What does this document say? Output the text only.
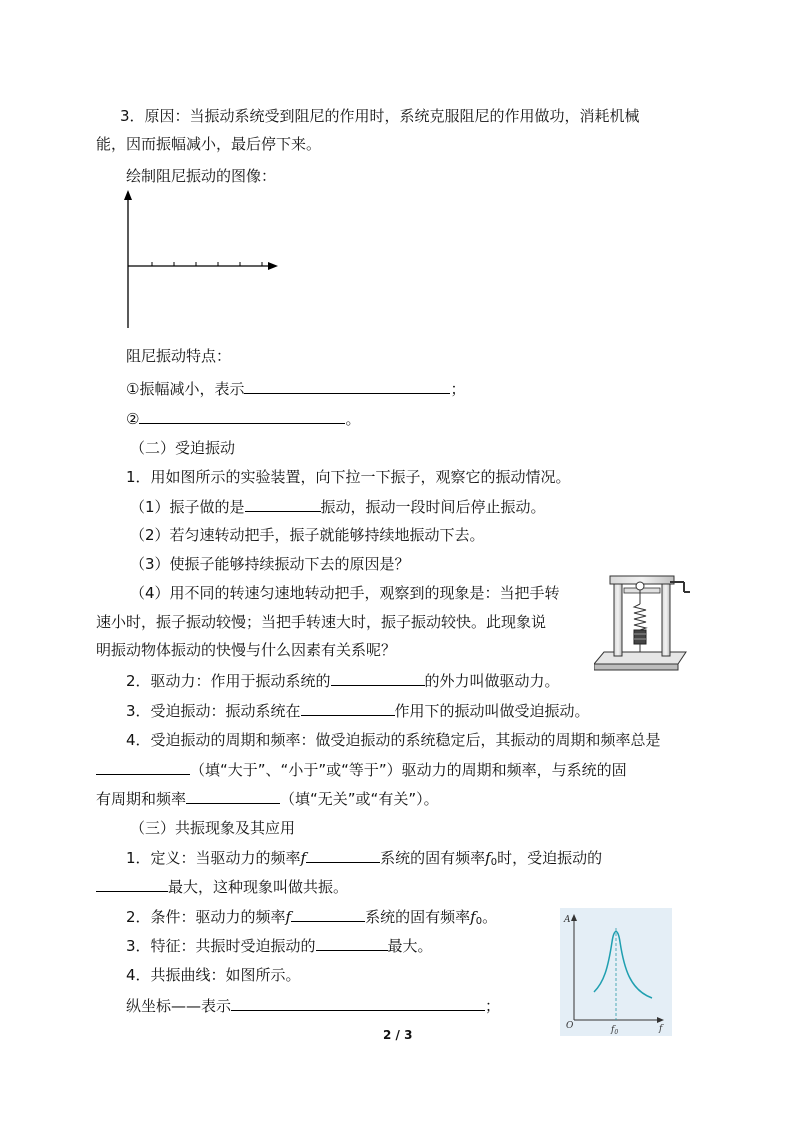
3．原因：当振动系统受到阻尼的作用时，系统克服阻尼的作用做功，消耗机械
能，因而振幅减小，最后停下来。
绘制阻尼振动的图像：
阻尼振动特点：
①振幅减小，表示	；
②	。
（二）受迫振动
1．用如图所示的实验装置，向下拉一下振子，观察它的振动情况。
（1）振子做的是	振动，振动一段时间后停止振动。
（2）若匀速转动把手，振子就能够持续地振动下去。
（3）使振子能够持续振动下去的原因是？
（4）用不同的转速匀速地转动把手，观察到的现象是：当把手转
速小时，振子振动较慢；当把手转速大时，振子振动较快。此现象说
明振动物体振动的快慢与什么因素有关系呢？
2．驱动力：作用于振动系统的	的外力叫做驱动力。
3．受迫振动：振动系统在	作用下的振动叫做受迫振动。
4．受迫振动的周期和频率：做受迫振动的系统稳定后，其振动的周期和频率总是
（填“大于”、“小于”或“等于”）驱动力的周期和频率，与系统的固
有周期和频率	（填“无关”或“有关”）。
（三）共振现象及其应用
1．定义：当驱动力的频率f	系统的固有频率$f_0$时，受迫振动的
最大，这种现象叫做共振。
2．条件：驱动力的频率f	系统的固有频率$f_0$。
3．特征：共振时受迫振动的	最大。
4．共振曲线：如图所示。
纵坐标——表示	；
A
f
O	$f_0$
2 / 3
